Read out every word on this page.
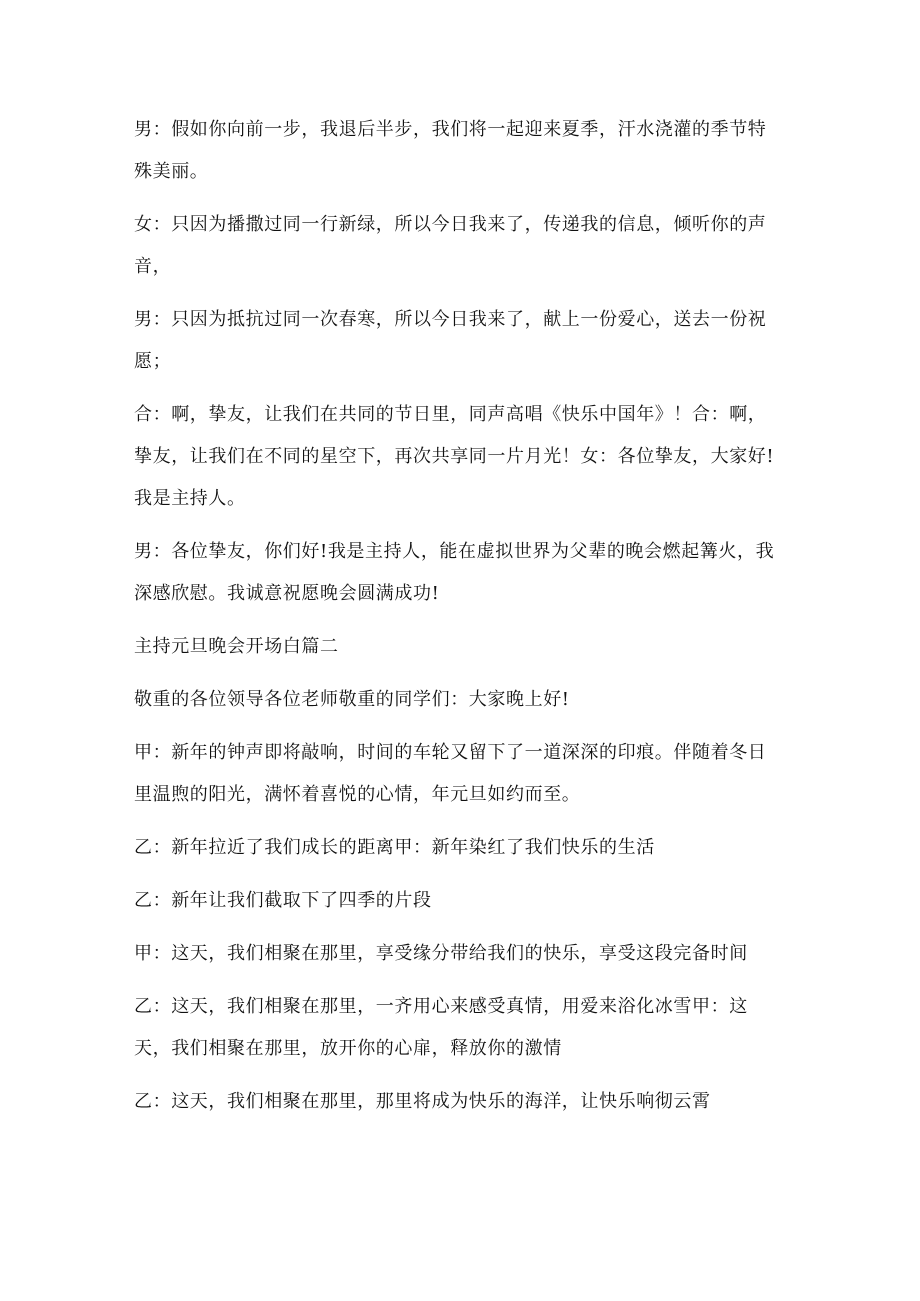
男：假如你向前一步，我退后半步，我们将一起迎来夏季，汗水浇灌的季节特殊美丽。

女：只因为播撒过同一行新绿，所以今日我来了，传递我的信息，倾听你的声音，

男：只因为抵抗过同一次春寒，所以今日我来了，献上一份爱心，送去一份祝愿；

合：啊，挚友，让我们在共同的节日里，同声高唱《快乐中国年》！合：啊，挚友，让我们在不同的星空下，再次共享同一片月光！女：各位挚友，大家好!我是主持人。

男：各位挚友，你们好!我是主持人，能在虚拟世界为父辈的晚会燃起篝火，我深感欣慰。我诚意祝愿晚会圆满成功!

主持元旦晚会开场白篇二

敬重的各位领导各位老师敬重的同学们：大家晚上好!

甲：新年的钟声即将敲响，时间的车轮又留下了一道深深的印痕。伴随着冬日里温煦的阳光，满怀着喜悦的心情，年元旦如约而至。

乙：新年拉近了我们成长的距离甲：新年染红了我们快乐的生活

乙：新年让我们截取下了四季的片段

甲：这天，我们相聚在那里，享受缘分带给我们的快乐，享受这段完备时间

乙：这天，我们相聚在那里，一齐用心来感受真情，用爱来浴化冰雪甲：这天，我们相聚在那里，放开你的心扉，释放你的激情

乙：这天，我们相聚在那里，那里将成为快乐的海洋，让快乐响彻云霄
